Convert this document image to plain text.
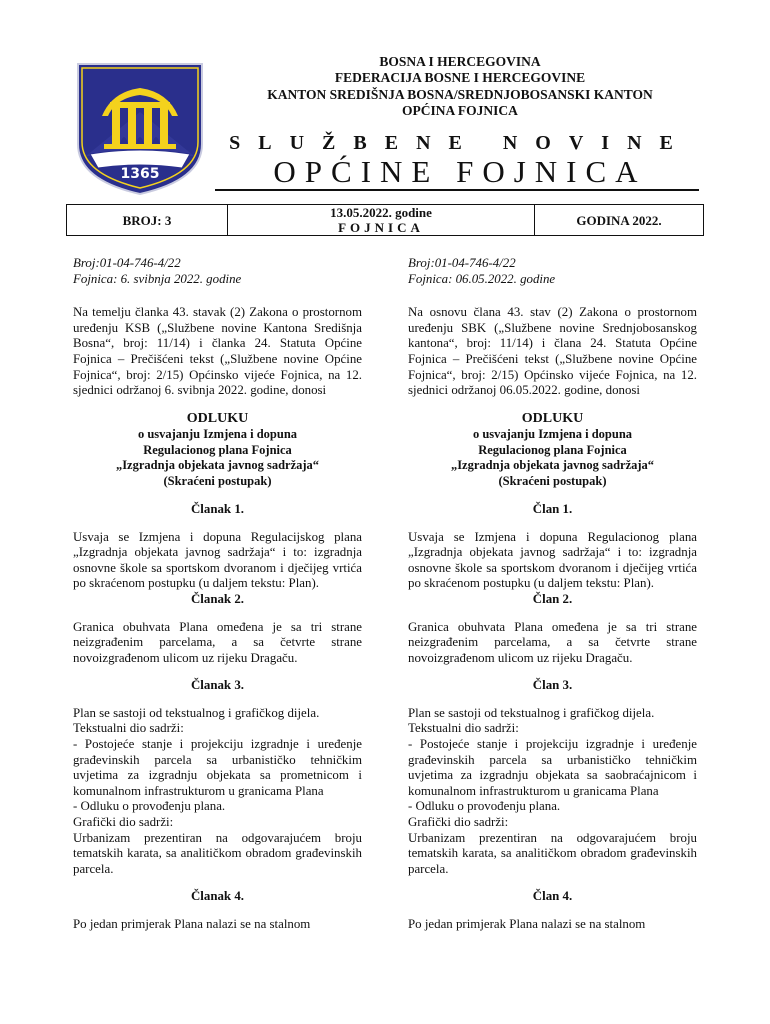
1365
BOSNA I HERCEGOVINA
FEDERACIJA BOSNE I HERCEGOVINE
KANTON SREDIŠNJA BOSNA/SREDNJOBOSANSKI KANTON
OPĆINA FOJNICA
SLUŽBENE NOVINE
OPĆINE FOJNICA
BROJ: 3	13.05.2022. godine
FOJNICA	GODINA 2022.
Broj:01-04-746-4/22
Fojnica: 6. svibnja 2022. godine

Na temelju članka 43. stavak (2) Zakona o prostornom uređenju KSB („Službene novine Kantona Središnja Bosna“, broj: 11/14) i članka 24. Statuta Općine Fojnica – Prečišćeni tekst („Službene novine Općine Fojnica“, broj: 2/15) Općinsko vijeće Fojnica, na 12. sjednici održanoj 6. svibnja 2022. godine, donosi

ODLUKU
o usvajanju Izmjena i dopuna
Regulacionog plana Fojnica
„Izgradnja objekata javnog sadržaja“
(Skraćeni postupak)
Članak 1.

Usvaja se Izmjena i dopuna Regulacijskog plana „Izgradnja objekata javnog sadržaja“ i to: izgradnja osnovne škole sa sportskom dvoranom i dječijeg vrtića po skraćenom postupku (u daljem tekstu: Plan).

Članak 2.

Granica obuhvata Plana omeđena je sa tri strane neizgrađenim parcelama, a sa četvrte strane novoizgrađenom ulicom uz rijeku Dragaču.

Članak 3.

Plan se sastoji od tekstualnog i grafičkog dijela.

Tekstualni dio sadrži:

- Postojeće stanje i projekciju izgradnje i uređenje građevinskih parcela sa urbanističko tehničkim uvjetima za izgradnju objekata sa prometnicom i komunalnom infrastrukturom u granicama Plana

- Odluku o provođenju plana.

Grafički dio sadrži:

Urbanizam prezentiran na odgovarajućem broju tematskih karata, sa analitičkom obradom građevinskih parcela.

Članak 4.

Po jedan primjerak Plana nalazi se na stalnom

Broj:01-04-746-4/22
Fojnica: 06.05.2022. godine

Na osnovu člana 43. stav (2) Zakona o prostornom uređenju SBK („Službene novine Srednjobosanskog kantona“, broj: 11/14) i člana 24. Statuta Općine Fojnica – Prečišćeni tekst („Službene novine Općine Fojnica“, broj: 2/15) Općinsko vijeće Fojnica, na 12. sjednici održanoj 06.05.2022. godine, donosi

ODLUKU
o usvajanju Izmjena i dopuna
Regulacionog plana Fojnica
„Izgradnja objekata javnog sadržaja“
(Skraćeni postupak)
Član 1.

Usvaja se Izmjena i dopuna Regulacionog plana „Izgradnja objekata javnog sadržaja“ i to: izgradnja osnovne škole sa sportskom dvoranom i dječijeg vrtića po skraćenom postupku (u daljem tekstu: Plan).

Član 2.

Granica obuhvata Plana omeđena je sa tri strane neizgrađenim parcelama, a sa četvrte strane novoizgrađenom ulicom uz rijeku Dragaču.

Član 3.

Plan se sastoji od tekstualnog i grafičkog dijela.

Tekstualni dio sadrži:

- Postojeće stanje i projekciju izgradnje i uređenje građevinskih parcela sa urbanističko tehničkim uvjetima za izgradnju objekata sa saobraćajnicom i komunalnom infrastrukturom u granicama Plana

- Odluku o provođenju plana.

Grafički dio sadrži:

Urbanizam prezentiran na odgovarajućem broju tematskih karata, sa analitičkom obradom građevinskih parcela.

Član 4.

Po jedan primjerak Plana nalazi se na stalnom
